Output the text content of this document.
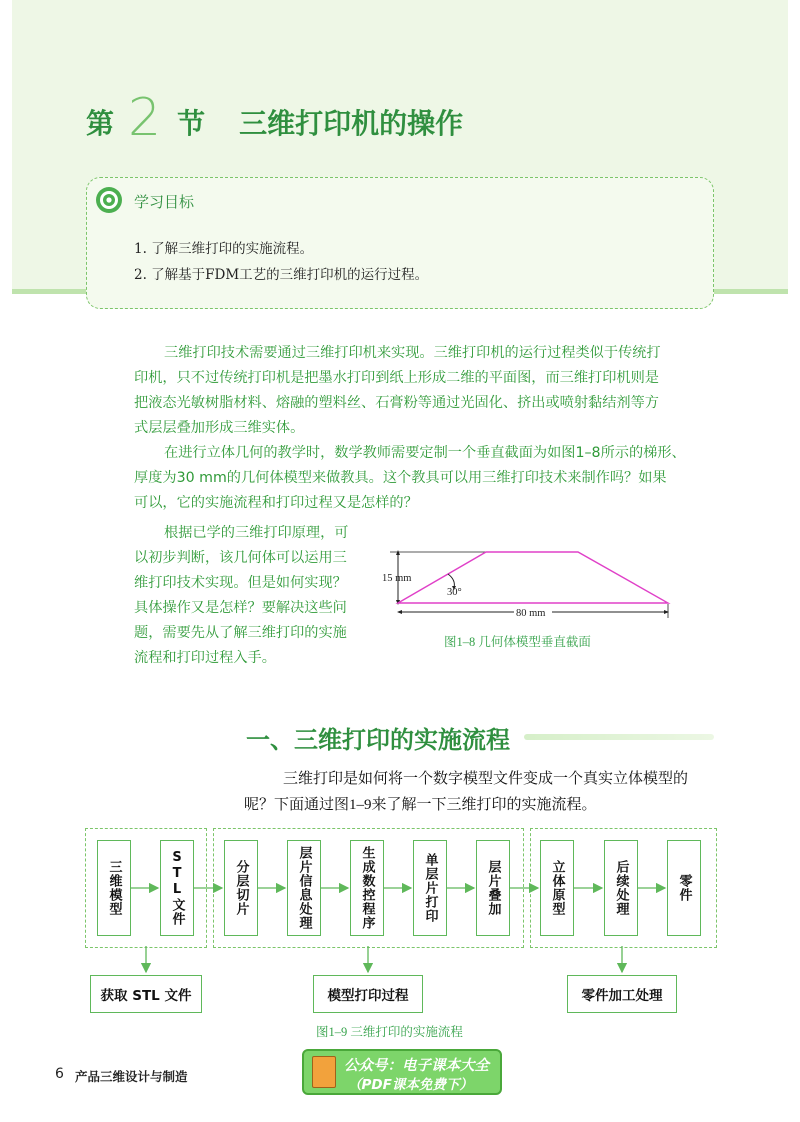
第 2 节 三维打印机的操作
学习目标
1. 了解三维打印的实施流程。
2. 了解基于FDM工艺的三维打印机的运行过程。
三维打印技术需要通过三维打印机来实现。三维打印机的运行过程类似于传统打
印机，只不过传统打印机是把墨水打印到纸上形成二维的平面图，而三维打印机则是
把液态光敏树脂材料、熔融的塑料丝、石膏粉等通过光固化、挤出或喷射黏结剂等方
式层层叠加形成三维实体。
在进行立体几何的教学时，数学教师需要定制一个垂直截面为如图1–8所示的梯形、
厚度为30 mm的几何体模型来做教具。这个教具可以用三维打印技术来制作吗？如果
可以，它的实施流程和打印过程又是怎样的？
根据已学的三维打印原理，可
以初步判断，该几何体可以运用三
维打印技术实现。但是如何实现？
具体操作又是怎样？要解决这些问
题，需要先从了解三维打印的实施
流程和打印过程入手。
15 mm
30°
80 mm
图1–8 几何体模型垂直截面
一、三维打印的实施流程
三维打印是如何将一个数字模型文件变成一个真实立体模型的
呢？下面通过图1–9来了解一下三维打印的实施流程。
三维模型	STL文件	分层切片	层片信息处理	生成数控程序	单层片打印	层片叠加	立体原型	后续处理	零件
获取 STL 文件	模型打印过程	零件加工处理
图1–9 三维打印的实施流程
6 产品三维设计与制造
公众号：电子课本大全
（PDF课本免费下）
